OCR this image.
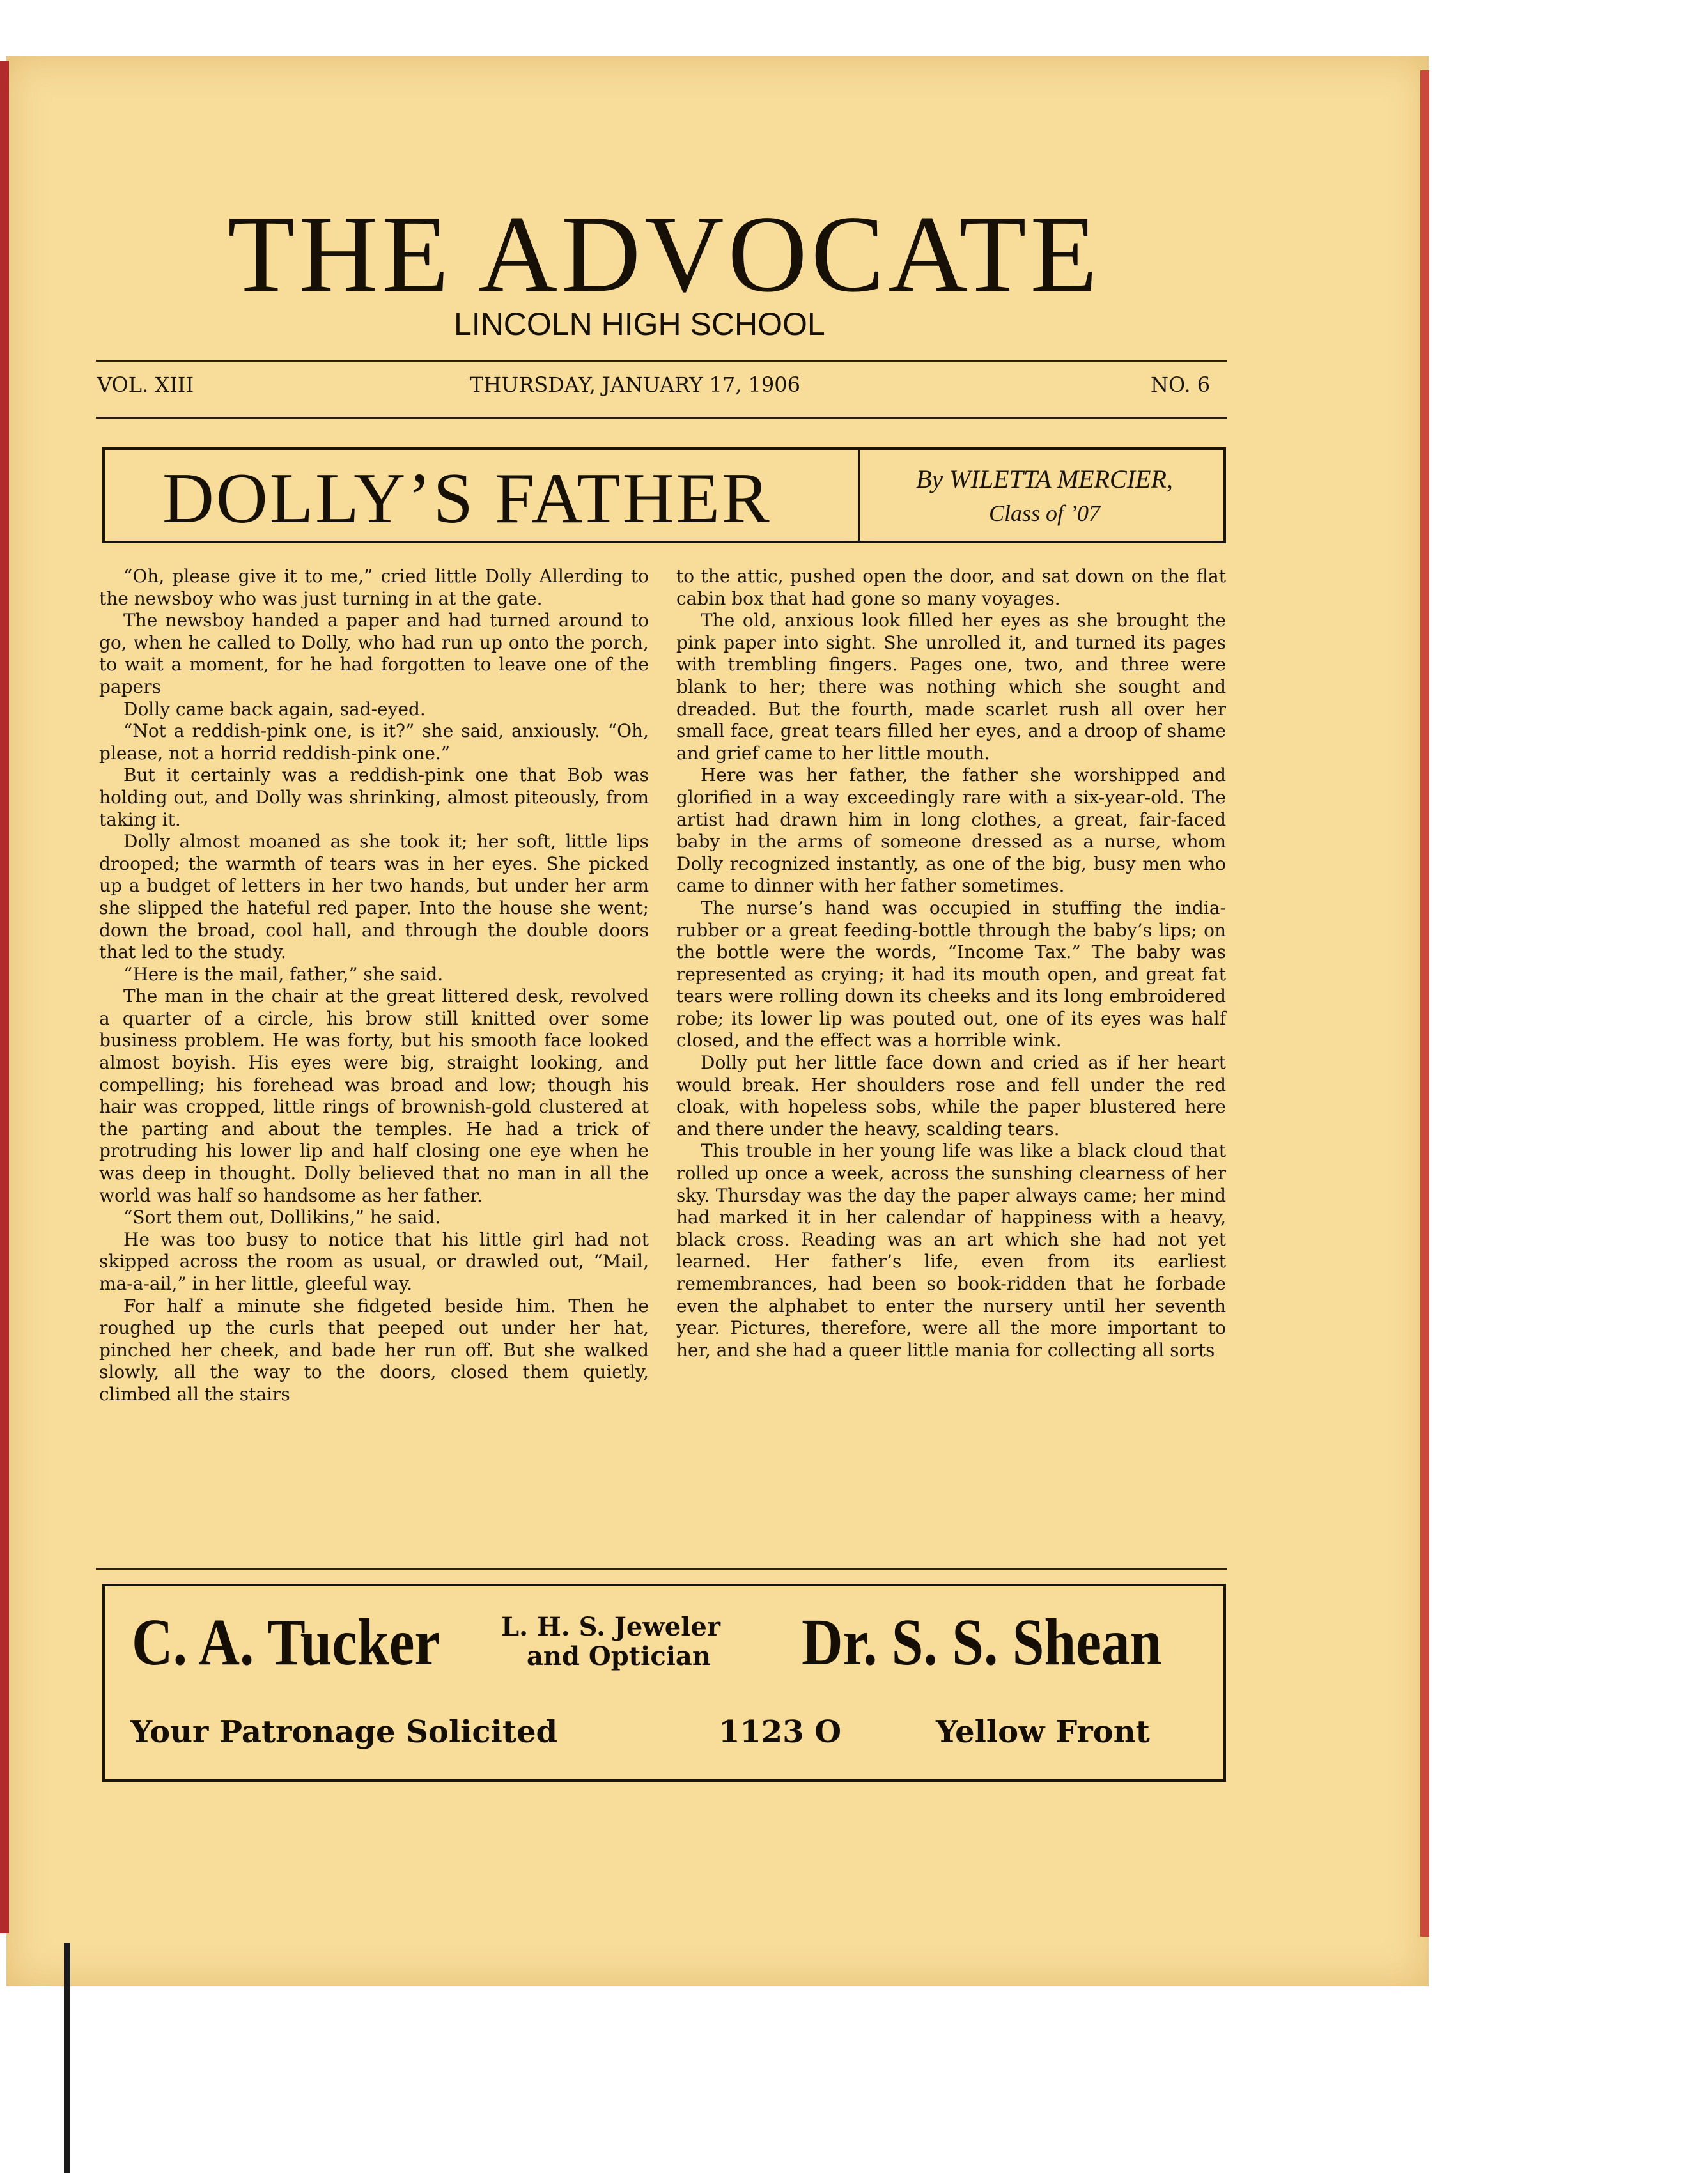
THE ADVOCATE
LINCOLN HIGH SCHOOL
VOL. XIII	THURSDAY, JANUARY 17, 1906	NO. 6
DOLLY’S FATHER	By WILETTA MERCIER,
Class of ’07

“Oh, please give it to me,” cried little Dolly Allerding to the newsboy who was just turning in at the gate.

The newsboy handed a paper and had turned around to go, when he called to Dolly, who had run up onto the porch, to wait a moment, for he had forgotten to leave one of the papers

Dolly came back again, sad-eyed.

“Not a reddish-pink one, is it?” she said, anxiously. “Oh, please, not a horrid reddish-pink one.”

But it certainly was a reddish-pink one that Bob was holding out, and Dolly was shrinking, almost piteously, from taking it.

Dolly almost moaned as she took it; her soft, little lips drooped; the warmth of tears was in her eyes. She picked up a budget of letters in her two hands, but under her arm she slipped the hateful red paper. Into the house she went; down the broad, cool hall, and through the double doors that led to the study.

“Here is the mail, father,” she said.

The man in the chair at the great littered desk, revolved a quarter of a circle, his brow still knitted over some business problem. He was forty, but his smooth face looked almost boyish. His eyes were big, straight looking, and compelling; his forehead was broad and low; though his hair was cropped, little rings of brownish-gold clustered at the parting and about the temples. He had a trick of protruding his lower lip and half closing one eye when he was deep in thought. Dolly believed that no man in all the world was half so handsome as her father.

“Sort them out, Dollikins,” he said.

He was too busy to notice that his little girl had not skipped across the room as usual, or drawled out, “Mail, ma-a-ail,” in her little, gleeful way.

For half a minute she fidgeted beside him. Then he roughed up the curls that peeped out under her hat, pinched her cheek, and bade her run off. But she walked slowly, all the way to the doors, closed them quietly, climbed all the stairs

to the attic, pushed open the door, and sat down on the flat cabin box that had gone so many voyages.

The old, anxious look filled her eyes as she brought the pink paper into sight. She unrolled it, and turned its pages with trembling fingers. Pages one, two, and three were blank to her; there was nothing which she sought and dreaded. But the fourth, made scarlet rush all over her small face, great tears filled her eyes, and a droop of shame and grief came to her little mouth.

Here was her father, the father she worshipped and glorified in a way exceedingly rare with a six-year-old. The artist had drawn him in long clothes, a great, fair-faced baby in the arms of someone dressed as a nurse, whom Dolly recognized instantly, as one of the big, busy men who came to dinner with her father sometimes.

The nurse’s hand was occupied in stuffing the india-rubber or a great feeding-bottle through the baby’s lips; on the bottle were the words, “Income Tax.” The baby was represented as crying; it had its mouth open, and great fat tears were rolling down its cheeks and its long embroidered robe; its lower lip was pouted out, one of its eyes was half closed, and the effect was a horrible wink.

Dolly put her little face down and cried as if her heart would break. Her shoulders rose and fell under the red cloak, with hopeless sobs, while the paper blustered here and there under the heavy, scalding tears.

This trouble in her young life was like a black cloud that rolled up once a week, across the sunshing clearness of her sky. Thursday was the day the paper always came; her mind had marked it in her calendar of happiness with a heavy, black cross. Reading was an art which she had not yet learned. Her father’s life, even from its earliest remembrances, had been so book-ridden that he forbade even the alphabet to enter the nursery until her seventh year. Pictures, therefore, were all the more important to her, and she had a queer little mania for collecting all sorts

C. A. Tucker L. H. S. Jeweler
and Optician Dr. S. S. Shean
Your Patronage Solicited	1123 O	Yellow Front
